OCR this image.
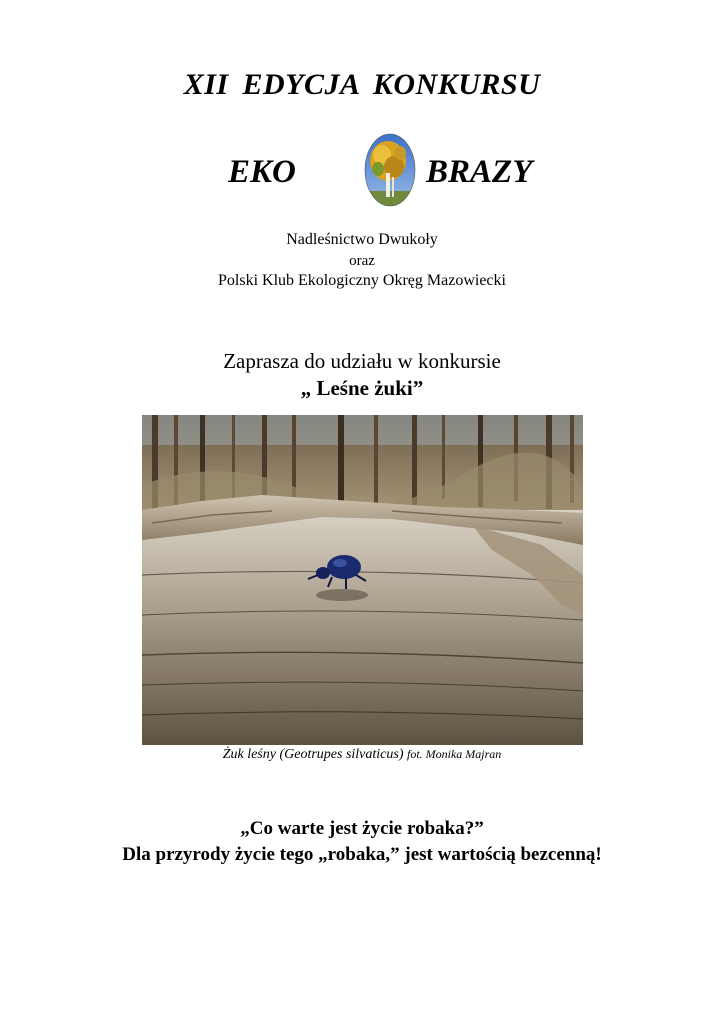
XII EDYCJA KONKURSU
EKO	BRAZY
Nadleśnictwo Dwukoły
oraz
Polski Klub Ekologiczny Okręg Mazowiecki
Zaprasza do udziału w konkursie
„ Leśne żuki”
Żuk leśny (Geotrupes silvaticus) fot. Monika Majran
„Co warte jest życie robaka?”
Dla przyrody życie tego „robaka,” jest wartością bezcenną!
